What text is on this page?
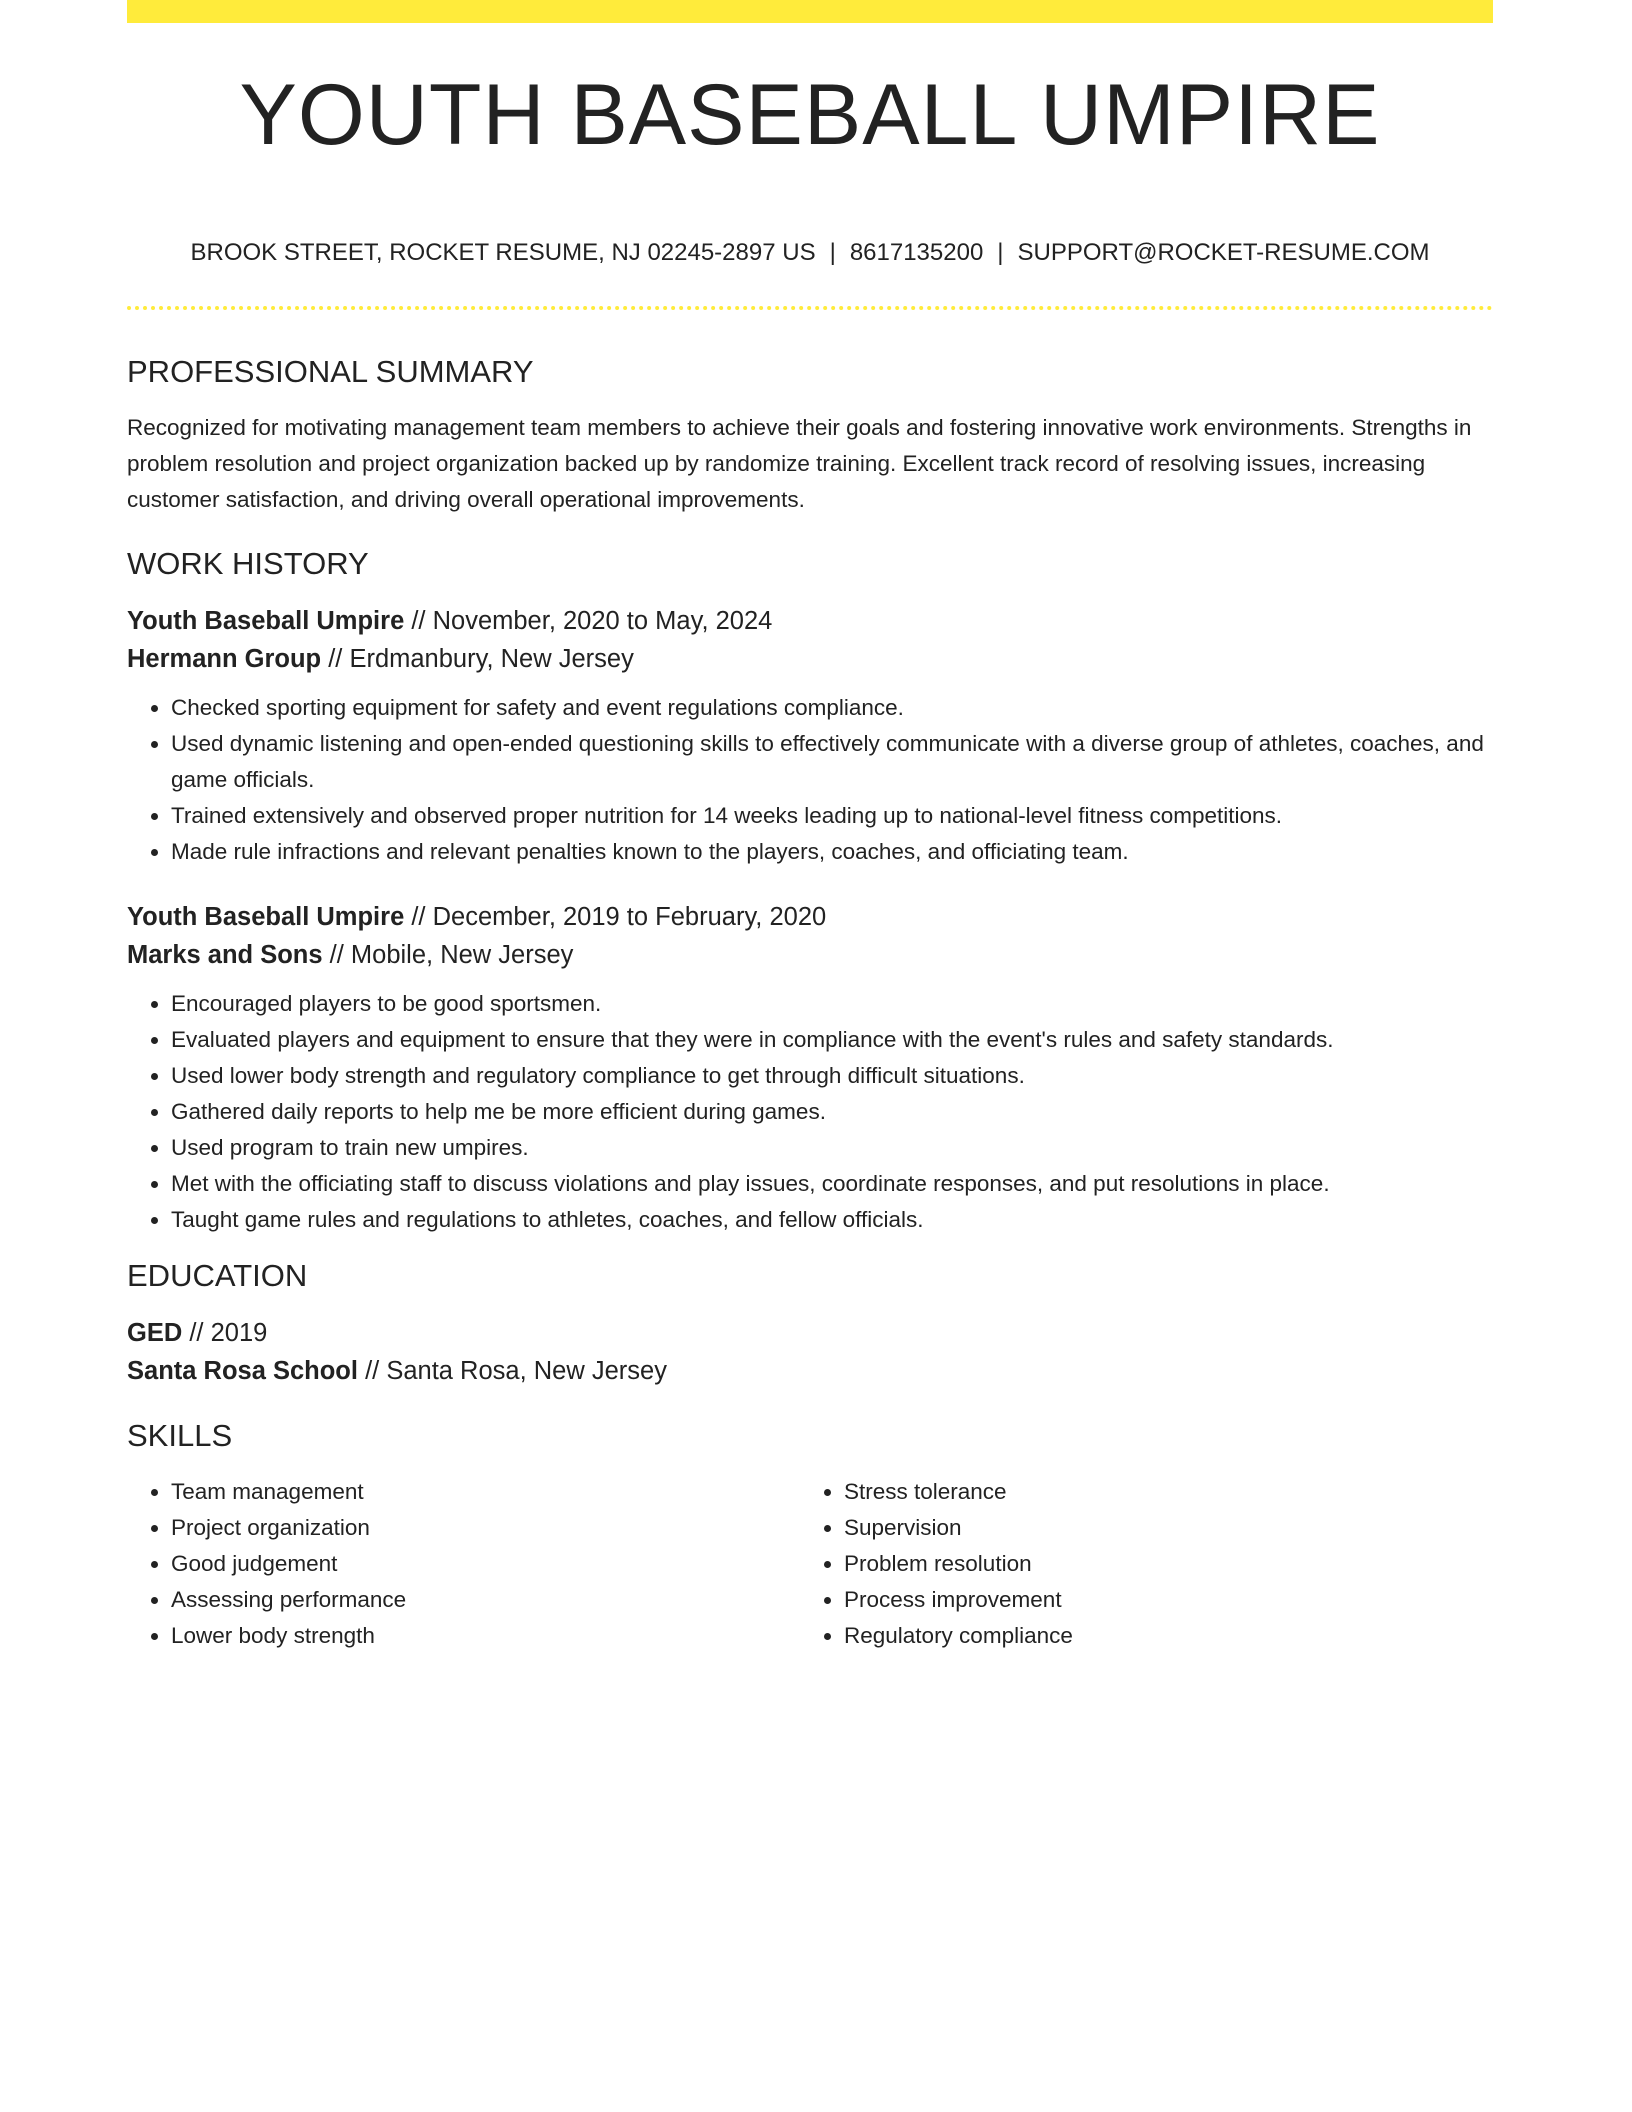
YOUTH BASEBALL UMPIRE
BROOK STREET, ROCKET RESUME, NJ 02245-2897 US | 8617135200 | SUPPORT@ROCKET-RESUME.COM
PROFESSIONAL SUMMARY

Recognized for motivating management team members to achieve their goals and fostering innovative work environments. Strengths in problem resolution and project organization backed up by randomize training. Excellent track record of resolving issues, increasing customer satisfaction, and driving overall operational improvements.

WORK HISTORY

Youth Baseball Umpire // November, 2020 to May, 2024

Hermann Group // Erdmanbury, New Jersey

• Checked sporting equipment for safety and event regulations compliance.
• Used dynamic listening and open-ended questioning skills to effectively communicate with a diverse group of athletes, coaches, and game officials.
• Trained extensively and observed proper nutrition for 14 weeks leading up to national-level fitness competitions.
• Made rule infractions and relevant penalties known to the players, coaches, and officiating team.

Youth Baseball Umpire // December, 2019 to February, 2020

Marks and Sons // Mobile, New Jersey

• Encouraged players to be good sportsmen.
• Evaluated players and equipment to ensure that they were in compliance with the event's rules and safety standards.
• Used lower body strength and regulatory compliance to get through difficult situations.
• Gathered daily reports to help me be more efficient during games.
• Used program to train new umpires.
• Met with the officiating staff to discuss violations and play issues, coordinate responses, and put resolutions in place.
• Taught game rules and regulations to athletes, coaches, and fellow officials.
EDUCATION

GED // 2019

Santa Rosa School // Santa Rosa, New Jersey

SKILLS
• Team management
• Project organization
• Good judgement
• Assessing performance
• Lower body strength
• Stress tolerance
• Supervision
• Problem resolution
• Process improvement
• Regulatory compliance
